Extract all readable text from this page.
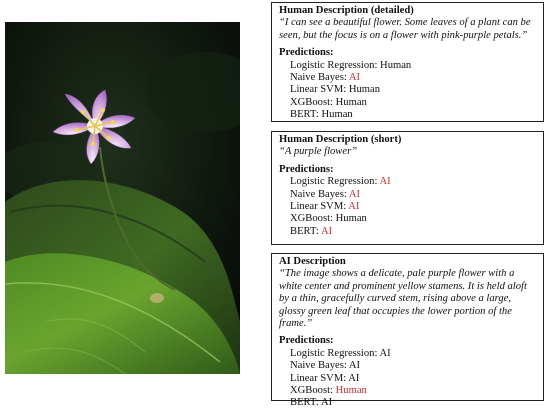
Human Description (detailed)
“I can see a beautiful flower. Some leaves of a plant can be seen, but the focus is on a flower with pink-purple petals.”
Predictions:
Logistic Regression: Human
Naive Bayes: AI
Linear SVM: Human
XGBoost: Human
BERT: Human
Human Description (short)
“A purple flower”
Predictions:
Logistic Regression: AI
Naive Bayes: AI
Linear SVM: AI
XGBoost: Human
BERT: AI
AI Description
“The image shows a delicate, pale purple flower with a white center and prominent yellow stamens. It is held aloft by a thin, gracefully curved stem, rising above a large, glossy green leaf that occupies the lower portion of the frame.”
Predictions:
Logistic Regression: AI
Naive Bayes: AI
Linear SVM: AI
XGBoost: Human
BERT: AI
